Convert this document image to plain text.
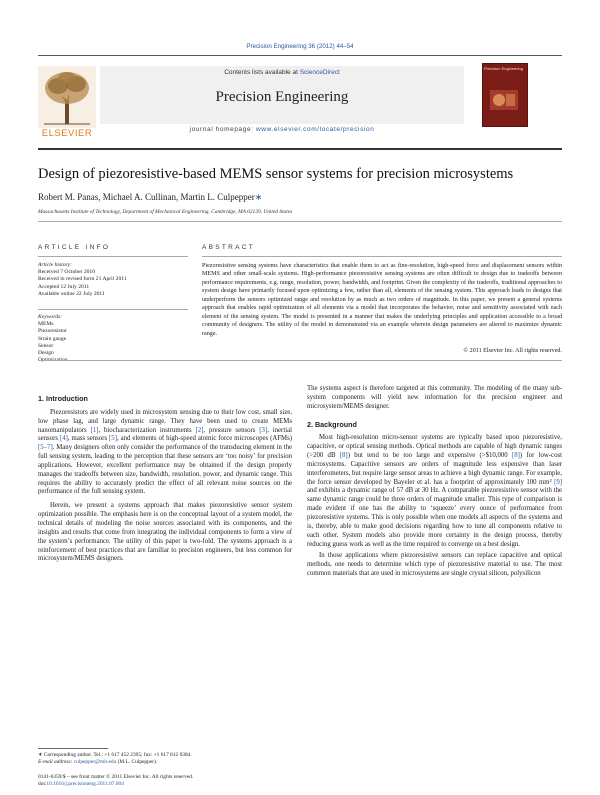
Precision Engineering 36 (2012) 44–54
Contents lists available at ScienceDirect
Precision Engineering
journal homepage: www.elsevier.com/locate/precision
ELSEVIER
Precision Engineering
Design of piezoresistive-based MEMS sensor systems for precision microsystems
Robert M. Panas, Michael A. Cullinan, Martin L. Culpepper∗
Massachusetts Institute of Technology, Department of Mechanical Engineering, Cambridge, MA 02139, United States
ARTICLE INFO	ABSTRACT
Article history:
Received 7 October 2010
Received in revised form 21 April 2011
Accepted 12 July 2011
Available online 22 July 2011
Keywords:
MEMs
Piezoresistor
Strain gauge
Sensor
Design
Piezoresistive sensing systems have characteristics that enable them to act as fine-resolution, high-speed force and displacement sensors within MEMS and other small-scale systems. High-performance piezoresistive sensing systems are often difficult to design due to tradeoffs between performance requirements, e.g. range, resolution, power, bandwidth, and footprint. Given the complexity of the tradeoffs, traditional approaches to system design have primarily focused upon optimizing a few, rather than all, elements of the sensing system. This approach leads to designs that underperform the sensors optimized range and resolution by as much as two orders of magnitude. In this paper, we present a general systems approach that enables rapid optimization of all elements via a model that incorporates the behavior, noise and sensitivity associated with each element of the sensing system. The model is presented in a manner that makes the underlying principles and application accessible to a broad community of designers. The utility of the model in demonstrated via an example wherein design parameters are altered to maximize dynamic range.
© 2011 Elsevier Inc. All rights reserved.
1. Introduction

Piezoresistors are widely used in microsystem sensing due to their low cost, small size, low phase lag, and large dynamic range. They have been used to create MEMs nanomanipulators [1], biocharacterization instruments [2], pressure sensors [3], inertial sensors [4], mass sensors [5], and elements of high-speed atomic force microscopes (AFMs) [5–7]. Many designers often only consider the performance of the transducing element in the full sensing system, leading to the perception that these sensors are ‘too noisy’ for precision applications. However, excellent performance may be obtained if the design properly manages the tradeoffs between size, bandwidth, resolution, power, and dynamic range. This requires the ability to accurately predict the effect of all relevant noise sources on the performance of the full sensing system.

Herein, we present a systems approach that makes piezoresistive sensor system optimization possible. The emphasis here is on the conceptual layout of a system model, the technical details of modeling the noise sources associated with its components, and the insights and results that come from integrating the individual components to form a view of the system’s performance. The utility of this paper is two-fold. The systems approach is a reinforcement of best practices that are familiar to precision engineers, but less common for microsystem/MEMS designers.

The systems aspect is therefore targeted at this community. The modeling of the many sub-system components will yield new information for the precision engineer and microsystem/MEMS designer.

2. Background

Most high-resolution micro-sensor systems are typically based upon piezoresistive, capacitive, or optical sensing methods. Optical methods are capable of high dynamic ranges (>200 dB [8]) but tend to be too large and expensive (>$10,000 [8]) for low-cost microsystems. Capacitive sensors are orders of magnitude less expensive than laser interferometers, but require large sensor areas to achieve a high dynamic range. For example, the force sensor developed by Bayeler et al. has a footprint of approximately 100 mm² [9] and exhibits a dynamic range of 57 dB at 30 Hz. A comparable piezoresistive sensor with the same dynamic range could be three orders of magnitude smaller. This type of comparison is made evident if one has the ability to ‘squeeze’ every ounce of performance from piezoresistive systems. This is only possible when one models all aspects of the systems and is, thereby, able to make good decisions regarding how to tune all components relative to each other. System models also provide more certainty in the design process, thereby reducing guess work as well as the time required to converge on a best design.

In those applications where piezoresistive sensors can replace capacitive and optical methods, one needs to determine which type of piezoresistive material to use. The most common materials that are used in microsystems are single crystal silicon, polysilicon

∗ Corresponding author. Tel.: +1 617 452 2395; fax: +1 617 812 0384.
E-mail address: culpepper@mit.edu (M.L. Culpepper).
0141-6359/$ – see front matter © 2011 Elsevier Inc. All rights reserved.
doi:10.1016/j.precisioneng.2011.07.004
